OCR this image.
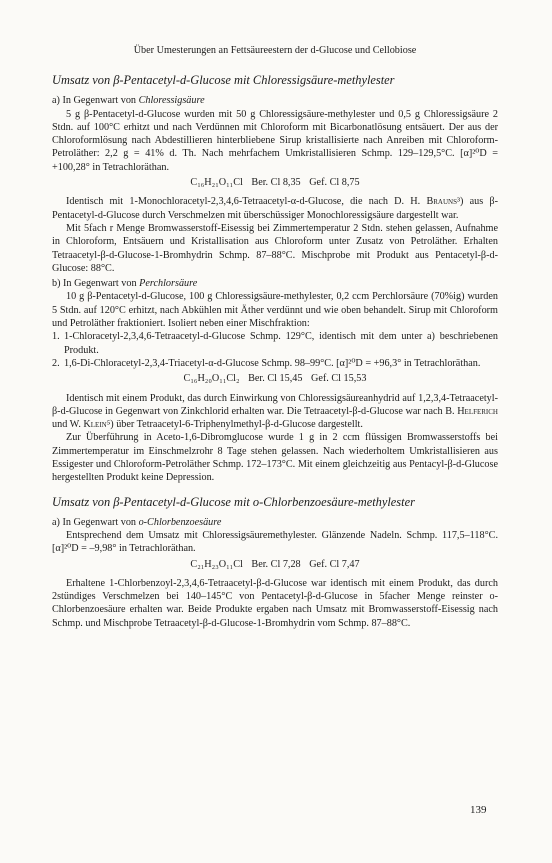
Über Umesterungen an Fettsäureestern der d-Glucose und Cellobiose
Umsatz von β-Pentacetyl-d-Glucose mit Chloressigsäure-methylester
a) In Gegenwart von Chloressigsäure

5 g β-Pentacetyl-d-Glucose wurden mit 50 g Chloressigsäure-methylester und 0,5 g Chloressigsäure 2 Stdn. auf 100°C erhitzt und nach Verdünnen mit Chloroform mit Bicarbonatlösung entsäuert. Der aus der Chloroformlösung nach Abdestillieren hinterbliebene Sirup kristallisierte nach Anreiben mit Chloroform-Petroläther: 2,2 g = 41% d. Th. Nach mehrfachem Umkristallisieren Schmp. 129–129,5°C. [α]²⁰D = +100,28° in Tetrachloräthan.

C₁₆H₂₁O₁₁Cl Ber. Cl 8,35 Gef. Cl 8,75

Identisch mit 1-Monochloracetyl-2,3,4,6-Tetraacetyl-α-d-Glucose, die nach D. H. Brauns³) aus β-Pentacetyl-d-Glucose durch Verschmelzen mit überschüssiger Monochloressigsäure dargestellt war.

Mit 5fach r Menge Bromwasserstoff-Eisessig bei Zimmertemperatur 2 Stdn. stehen gelassen, Aufnahme in Chloroform, Entsäuern und Kristallisation aus Chloroform unter Zusatz von Petroläther. Erhalten Tetraacetyl-β-d-Glucose-1-Bromhydrin Schmp. 87–88°C. Mischprobe mit Produkt aus Pentacetyl-β-d-Glucose: 88°C.

b) In Gegenwart von Perchlorsäure

10 g β-Pentacetyl-d-Glucose, 100 g Chloressigsäure-methylester, 0,2 ccm Perchlorsäure (70%ig) wurden 5 Stdn. auf 120°C erhitzt, nach Abkühlen mit Äther verdünnt und wie oben behandelt. Sirup mit Chloroform und Petroläther fraktioniert. Isoliert neben einer Mischfraktion:

1. 1-Chloracetyl-2,3,4,6-Tetraacetyl-d-Glucose Schmp. 129°C, identisch mit dem unter a) beschriebenen Produkt.
2. 1,6-Di-Chloracetyl-2,3,4-Triacetyl-α-d-Glucose Schmp. 98–99°C. [α]²⁰D = +96,3° in Tetrachloräthan.
C₁₆H₂₀O₁₁Cl₂ Ber. Cl 15,45 Gef. Cl 15,53

Identisch mit einem Produkt, das durch Einwirkung von Chloressigsäureanhydrid auf 1,2,3,4-Tetraacetyl-β-d-Glucose in Gegenwart von Zinkchlorid erhalten war. Die Tetraacetyl-β-d-Glucose war nach B. Helferich und W. Klein⁵) über Tetraacetyl-6-Triphenylmethyl-β-d-Glucose dargestellt.

Zur Überführung in Aceto-1,6-Dibromglucose wurde 1 g in 2 ccm flüssigen Bromwasserstoffs bei Zimmertemperatur im Einschmelzrohr 8 Tage stehen gelassen. Nach wiederholtem Umkristallisieren aus Essigester und Chloroform-Petroläther Schmp. 172–173°C. Mit einem gleichzeitig aus Pentacyl-β-d-Glucose hergestellten Produkt keine Depression.

Umsatz von β-Pentacetyl-d-Glucose mit o-Chlorbenzoesäure-methylester
a) In Gegenwart von o-Chlorbenzoesäure

Entsprechend dem Umsatz mit Chloressigsäuremethylester. Glänzende Nadeln. Schmp. 117,5–118°C. [α]²⁰D = –9,98° in Tetrachloräthan.

C₂₁H₂₃O₁₁Cl Ber. Cl 7,28 Gef. Cl 7,47

Erhaltene 1-Chlorbenzoyl-2,3,4,6-Tetraacetyl-β-d-Glucose war identisch mit einem Produkt, das durch 2stündiges Verschmelzen bei 140–145°C von Pentacetyl-β-d-Glucose in 5facher Menge reinster o-Chlorbenzoesäure erhalten war. Beide Produkte ergaben nach Umsatz mit Bromwasserstoff-Eisessig nach Schmp. und Mischprobe Tetraacetyl-β-d-Glucose-1-Bromhydrin vom Schmp. 87–88°C.

139
